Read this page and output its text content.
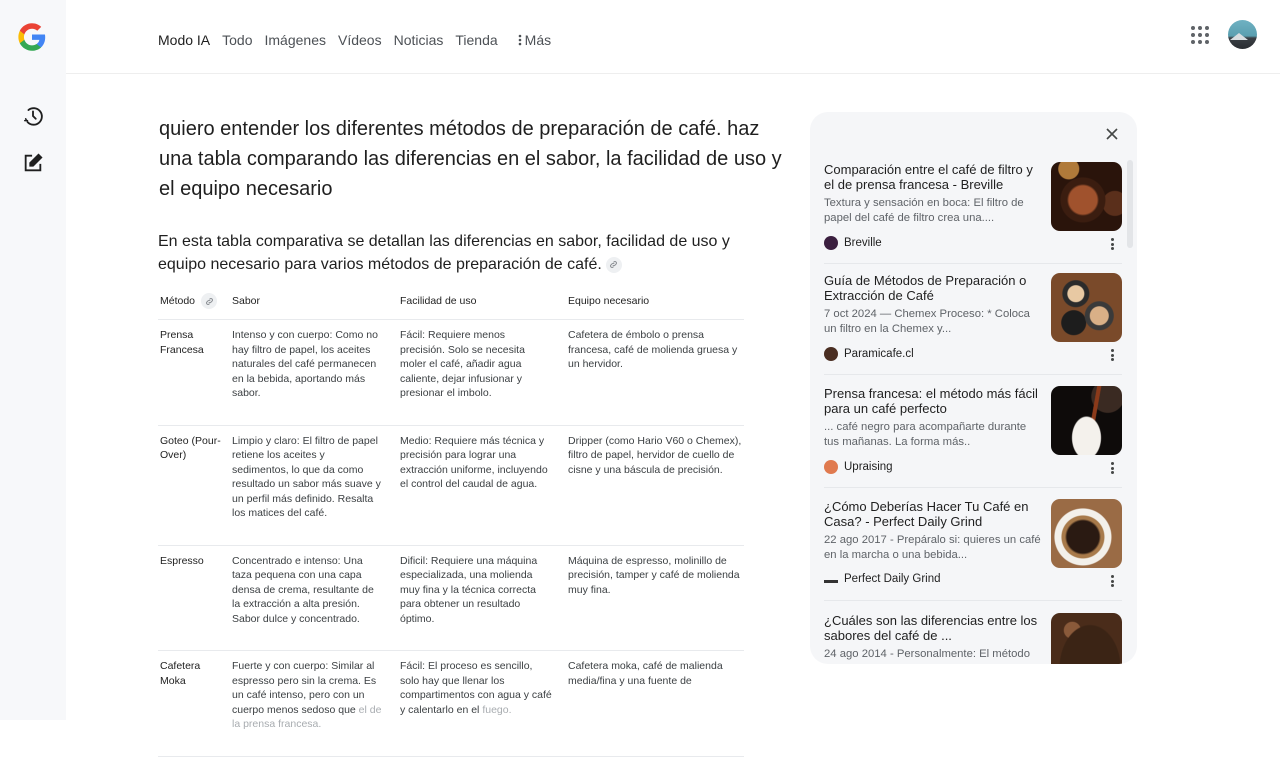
Modo IA Todo Imágenes Vídeos Noticias Tienda Más
quiero entender los diferentes métodos de preparación de café. haz una tabla comparando las diferencias en el sabor, la facilidad de uso y el equipo necesario
En esta tabla comparativa se detallan las diferencias en sabor, facilidad de uso y equipo necesario para varios métodos de preparación de café.
Método	Sabor	Facilidad de uso	Equipo necesario
Prensa Francesa	Intenso y con cuerpo: Como no hay filtro de papel, los aceites naturales del café permanecen en la bebida, aportando más sabor.	Fácil: Requiere menos precisión. Solo se necesita moler el café, añadir agua caliente, dejar infusionar y presionar el imbolo.	Cafetera de émbolo o prensa francesa, café de molienda gruesa y un hervidor.
Goteo (Pour-Over)	Limpio y claro: El filtro de papel retiene los aceites y sedimentos, lo que da como resultado un sabor más suave y un perfil más definido. Resalta los matices del café.	Medio: Requiere más técnica y precisión para lograr una extracción uniforme, incluyendo el control del caudal de agua.	Dripper (como Hario V60 o Chemex), filtro de papel, hervidor de cuello de cisne y una báscula de precisión.
Espresso	Concentrado e intenso: Una taza pequena con una capa densa de crema, resultante de la extracción a alta presión. Sabor dulce y concentrado.	Dificil: Requiere una máquina especializada, una molienda muy fina y la técnica correcta para obtener un resultado óptimo.	Máquina de espresso, molinillo de precisión, tamper y café de molienda muy fina.
Cafetera Moka	Fuerte y con cuerpo: Similar al espresso pero sin la crema. Es un café intenso, pero con un cuerpo menos sedoso que el de la prensa francesa.	Fácil: El proceso es sencillo, solo hay que llenar los compartimentos con agua y café y calentarlo en el fuego.	Cafetera moka, café de malienda media/fina y una fuente de
Comparación entre el café de filtro y el de prensa francesa - Breville
Textura y sensación en boca: El filtro de papel del café de filtro crea una....
Breville
Guía de Métodos de Preparación o Extracción de Café
7 oct 2024 — Chemex Proceso: * Coloca un filtro en la Chemex y...
Paramicafe.cl
Prensa francesa: el método más fácil para un café perfecto
... café negro para acompañarte durante tus mañanas. La forma más..
Upraising
¿Cómo Deberías Hacer Tu Café en Casa? - Perfect Daily Grind
22 ago 2017 - Prepáralo si: quieres un café en la marcha o una bebida...
Perfect Daily Grind
¿Cuáles son las diferencias entre los sabores del café de ...
24 ago 2014 - Personalmente: El método
